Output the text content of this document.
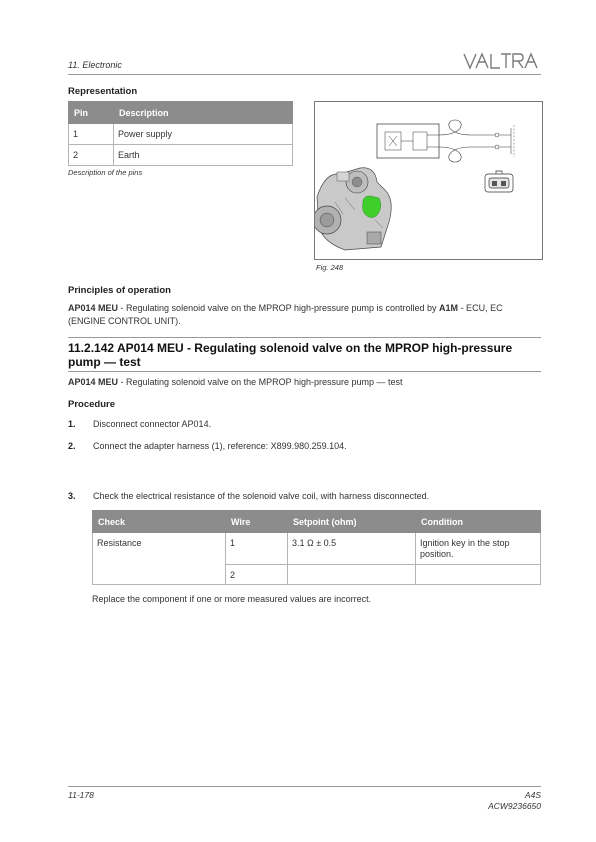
11. Electronic
Representation
Pin	Description
1	Power supply
2	Earth
Description of the pins
Fig. 248
Principles of operation
AP014 MEU - Regulating solenoid valve on the MPROP high-pressure pump is controlled by A1M - ECU, EC (ENGINE CONTROL UNIT).
11.2.142 AP014 MEU - Regulating solenoid valve on the MPROP high-pressure pump — test
AP014 MEU - Regulating solenoid valve on the MPROP high-pressure pump — test
Procedure
1. Disconnect connector AP014.
2. Connect the adapter harness (1), reference: X899.980.259.104.
3. Check the electrical resistance of the solenoid valve coil, with harness disconnected.
Check	Wire	Setpoint (ohm)	Condition
Resistance	1	3.1 Ω ± 0.5	Ignition key in the stop position.
	2		
Replace the component if one or more measured values are incorrect.
11-178	A4S
ACW9236650
